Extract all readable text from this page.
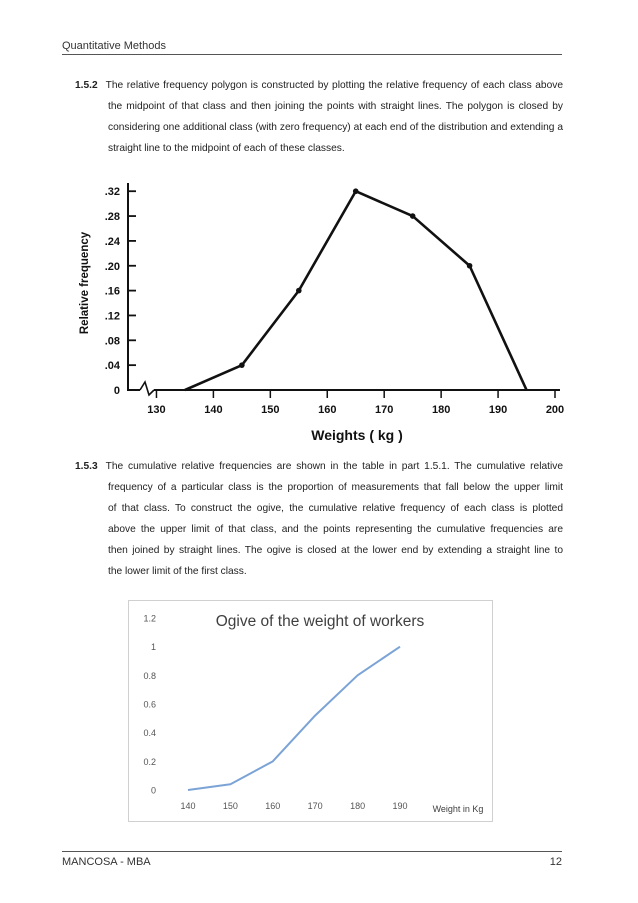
Quantitative Methods
1.5.2 The relative frequency polygon is constructed by plotting the relative frequency of each class above
the midpoint of that class and then joining the points with straight lines. The polygon is closed by
considering one additional class (with zero frequency) at each end of the distribution and extending a
straight line to the midpoint of each of these classes.
0
.04
.08
.12
.16
.20
.24
.28
.32
130	140	150	160	170	180	190	200
Relative frequency
Weights ( kg )
1.5.3 The cumulative relative frequencies are shown in the table in part 1.5.1. The cumulative relative
frequency of a particular class is the proportion of measurements that fall below the upper limit
of that class. To construct the ogive, the cumulative relative frequency of each class is plotted
above the upper limit of that class, and the points representing the cumulative frequencies are
then joined by straight lines. The ogive is closed at the lower end by extending a straight line to
the lower limit of the first class.
Ogive of the weight of workers
0
0.2
0.4
0.6
0.8
1
1.2
140	150	160	170	180	190	Weight in Kg
MANCOSA - MBA	12
